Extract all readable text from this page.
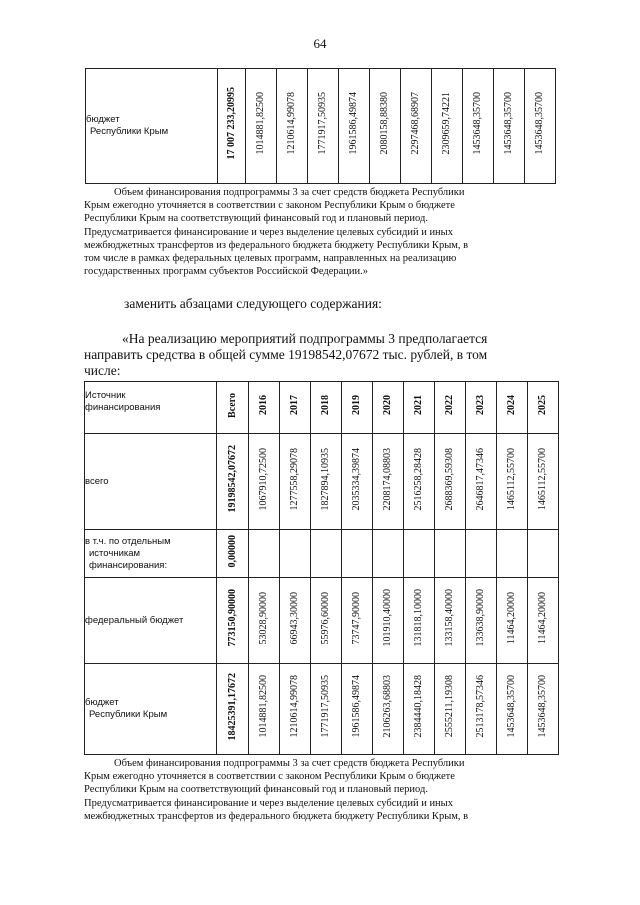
64
бюджет
Республики Крым	17 007 233,20995	1014881,82500	1210614,99078	1771917,50935	1961586,49874	2080158,88380	2297468,68907	2309659,74221	1453648,35700	1453648,35700	1453648,35700
Объем финансирования подпрограммы 3 за счет средств бюджета Республики
Крым ежегодно уточняется в соответствии с законом Республики Крым о бюджете
Республики Крым на соответствующий финансовый год и плановый период.
Предусматривается финансирование и через выделение целевых субсидий и иных
межбюджетных трансфертов из федерального бюджета бюджету Республики Крым, в
том числе в рамках федеральных целевых программ, направленных на реализацию
государственных программ субъектов Российской Федерации.»
заменить абзацами следующего содержания:
«На реализацию мероприятий подпрограммы 3 предполагается
направить средства в общей сумме 19198542,07672 тыс. рублей, в том
числе:
Источник
финансирования	Всего	2016	2017	2018	2019	2020	2021	2022	2023	2024	2025

всего	19198542,07672	1067910,72500	1277558,29078	1827894,10935	2035334,39874	2208174,08803	2516258,28428	2688369,59308	2646817,47346	1465112,55700	1465112,55700

в т.ч. по отдельным
источникам
финансирования:	0,00000										

федеральный бюджет	773150,90000	53028,90000	66943,30000	55976,60000	73747,90000	101910,40000	131818,10000	133158,40000	133638,90000	11464,20000	11464,20000

бюджет
Республики Крым	18425391,17672	1014881,82500	1210614,99078	1771917,50935	1961586,49874	2106263,68803	2384440,18428	2555211,19308	2513178,57346	1453648,35700	1453648,35700
Объем финансирования подпрограммы 3 за счет средств бюджета Республики
Крым ежегодно уточняется в соответствии с законом Республики Крым о бюджете
Республики Крым на соответствующий финансовый год и плановый период.
Предусматривается финансирование и через выделение целевых субсидий и иных
межбюджетных трансфертов из федерального бюджета бюджету Республики Крым, в
